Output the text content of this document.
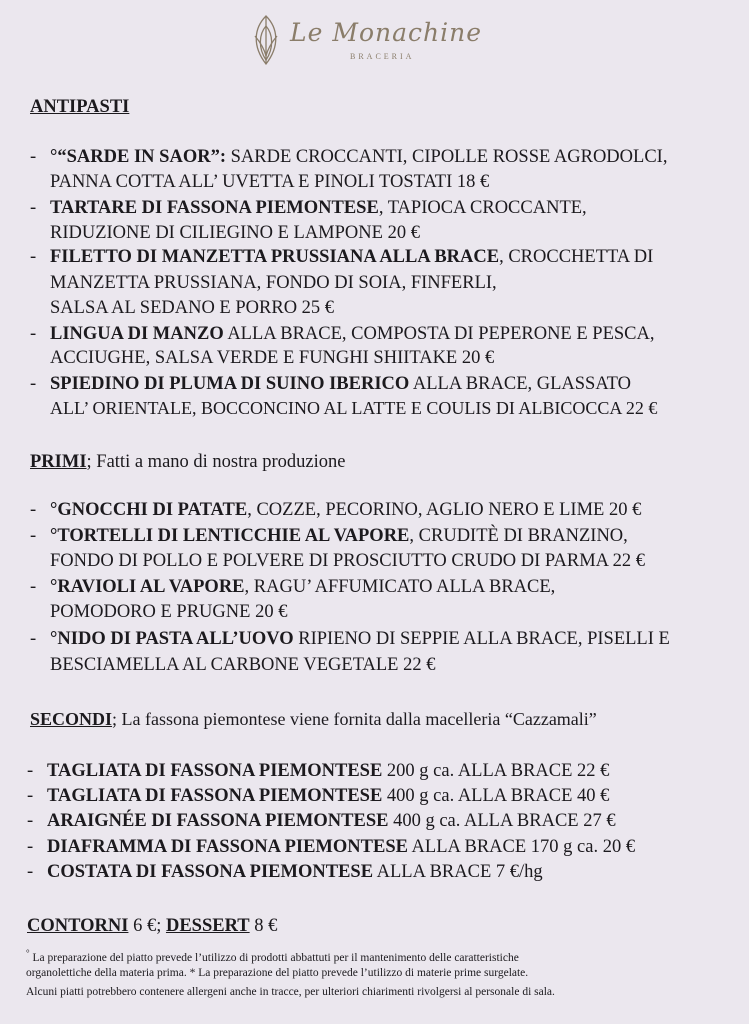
Le Monachine
BRACERIA
ANTIPASTI
- °“SARDE IN SAOR”: SARDE CROCCANTI, CIPOLLE ROSSE AGRODOLCI,
PANNA COTTA ALL’ UVETTA E PINOLI TOSTATI 18 €
- TARTARE DI FASSONA PIEMONTESE, TAPIOCA CROCCANTE,
RIDUZIONE DI CILIEGINO E LAMPONE 20 €
- FILETTO DI MANZETTA PRUSSIANA ALLA BRACE, CROCCHETTA DI
MANZETTA PRUSSIANA, FONDO DI SOIA, FINFERLI,
SALSA AL SEDANO E PORRO 25 €
- LINGUA DI MANZO ALLA BRACE, COMPOSTA DI PEPERONE E PESCA,
ACCIUGHE, SALSA VERDE E FUNGHI SHIITAKE 20 €
- SPIEDINO DI PLUMA DI SUINO IBERICO ALLA BRACE, GLASSATO
ALL’ ORIENTALE, BOCCONCINO AL LATTE E COULIS DI ALBICOCCA 22 €
PRIMI; Fatti a mano di nostra produzione
- °GNOCCHI DI PATATE, COZZE, PECORINO, AGLIO NERO E LIME 20 €
- °TORTELLI DI LENTICCHIE AL VAPORE, CRUDITÈ DI BRANZINO,
FONDO DI POLLO E POLVERE DI PROSCIUTTO CRUDO DI PARMA 22 €
- °RAVIOLI AL VAPORE, RAGU’ AFFUMICATO ALLA BRACE,
POMODORO E PRUGNE 20 €
- °NIDO DI PASTA ALL’UOVO RIPIENO DI SEPPIE ALLA BRACE, PISELLI E
BESCIAMELLA AL CARBONE VEGETALE 22 €
SECONDI; La fassona piemontese viene fornita dalla macelleria “Cazzamali”
- TAGLIATA DI FASSONA PIEMONTESE 200 g ca. ALLA BRACE 22 €
- TAGLIATA DI FASSONA PIEMONTESE 400 g ca. ALLA BRACE 40 €
- ARAIGNÉE DI FASSONA PIEMONTESE 400 g ca. ALLA BRACE 27 €
- DIAFRAMMA DI FASSONA PIEMONTESE ALLA BRACE 170 g ca. 20 €
- COSTATA DI FASSONA PIEMONTESE ALLA BRACE 7 €/hg
CONTORNI 6 €; DESSERT 8 €
° La preparazione del piatto prevede l’utilizzo di prodotti abbattuti per il mantenimento delle caratteristiche
organolettiche della materia prima. * La preparazione del piatto prevede l’utilizzo di materie prime surgelate.
Alcuni piatti potrebbero contenere allergeni anche in tracce, per ulteriori chiarimenti rivolgersi al personale di sala.
